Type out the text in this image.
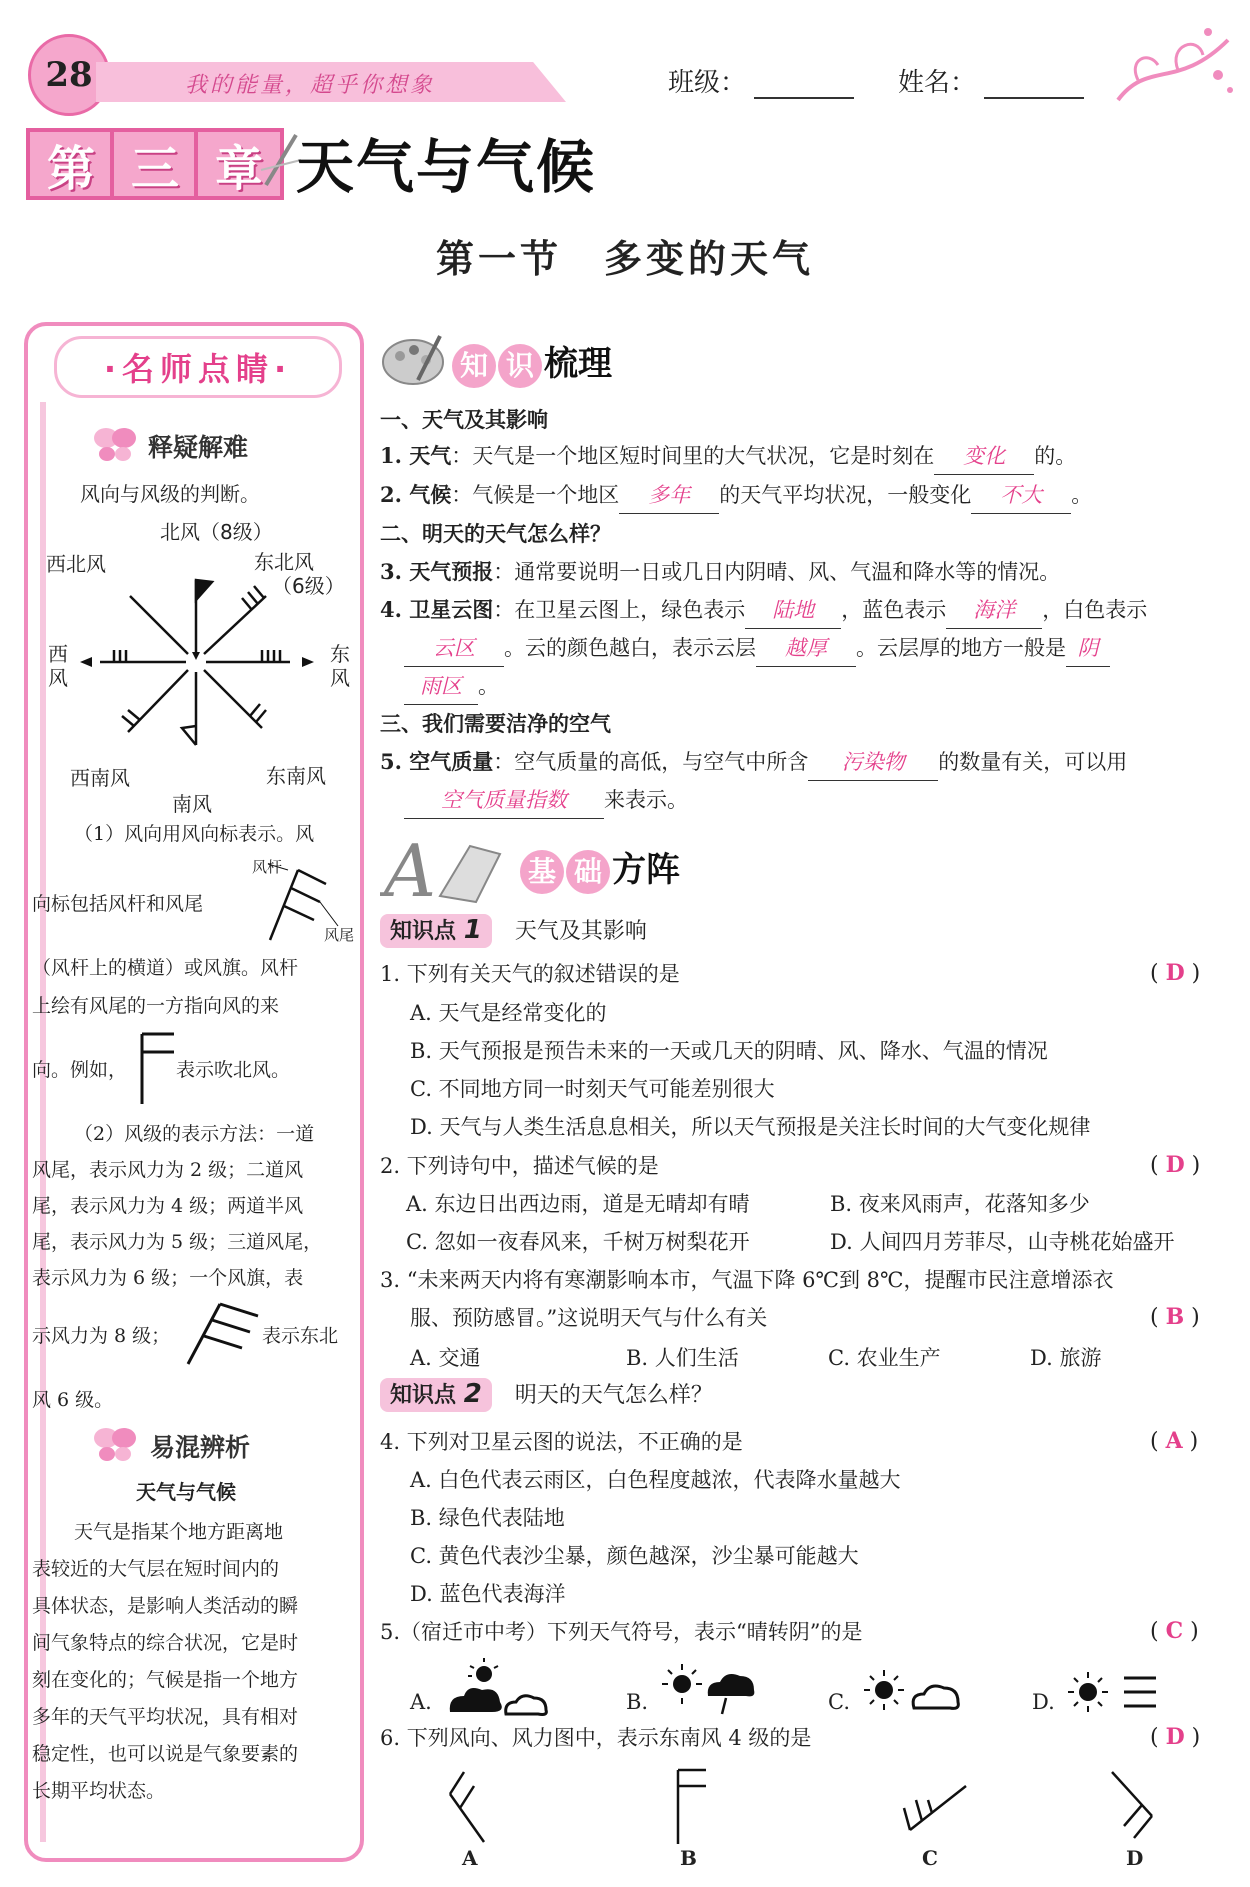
28	我的能量，超乎你想象	班级：	姓名：
第 三 章 天气与气候
第一节　多变的天气
·名师点睛·
释疑解难
风向与风级的判断。
北风（8级）
西北风	东北风
（6级）
西
风
东
风
西南风	东南风
南风
（1）风向用风向标表示。风
向标包括风杆和风尾
风杆
风尾
（风杆上的横道）或风旗。风杆
上绘有风尾的一方指向风的来
向。例如，	表示吹北风。
（2）风级的表示方法：一道
风尾，表示风力为 2 级；二道风
尾，表示风力为 4 级；两道半风
尾，表示风力为 5 级；三道风尾，
表示风力为 6 级；一个风旗，表
示风力为 8 级；	表示东北
风 6 级。
易混辨析
天气与气候
天气是指某个地方距离地
表较近的大气层在短时间内的
具体状态，是影响人类活动的瞬
间气象特点的综合状况，它是时
刻在变化的；气候是指一个地方
多年的天气平均状况，具有相对
稳定性，也可以说是气象要素的
长期平均状态。
知 识 梳理
一、天气及其影响
1. 天气：天气是一个地区短时间里的大气状况，它是时刻在 变化 的。
2. 气候：气候是一个地区 多年 的天气平均状况，一般变化 不大 。
二、明天的天气怎么样？
3. 天气预报：通常要说明一日或几日内阴晴、风、气温和降水等的情况。
4. 卫星云图：在卫星云图上，绿色表示 陆地 ，蓝色表示 海洋 ，白色表示
云区 。云的颜色越白，表示云层 越厚 。云层厚的地方一般是 阴
雨区 。
三、我们需要洁净的空气
5. 空气质量：空气质量的高低，与空气中所含 污染物 的数量有关，可以用
空气质量指数 来表示。
A	基 础 方阵
知识点 1 天气及其影响
1. 下列有关天气的叙述错误的是	( D )
A. 天气是经常变化的
B. 天气预报是预告未来的一天或几天的阴晴、风、降水、气温的情况
C. 不同地方同一时刻天气可能差别很大
D. 天气与人类生活息息相关，所以天气预报是关注长时间的大气变化规律
2. 下列诗句中，描述气候的是	( D )
A. 东边日出西边雨，道是无晴却有晴	B. 夜来风雨声，花落知多少
C. 忽如一夜春风来，千树万树梨花开	D. 人间四月芳菲尽，山寺桃花始盛开
3. “未来两天内将有寒潮影响本市，气温下降 6℃到 8℃，提醒市民注意增添衣
服、预防感冒。”这说明天气与什么有关	( B )
A. 交通	B. 人们生活	C. 农业生产	D. 旅游
知识点 2 明天的天气怎么样？
4. 下列对卫星云图的说法，不正确的是	( A )
A. 白色代表云雨区，白色程度越浓，代表降水量越大
B. 绿色代表陆地
C. 黄色代表沙尘暴，颜色越深，沙尘暴可能越大
D. 蓝色代表海洋
5.（宿迁市中考）下列天气符号，表示“晴转阴”的是	( C )
A.	B.	C.	D.
6. 下列风向、风力图中，表示东南风 4 级的是	( D )
A	B	C	D
